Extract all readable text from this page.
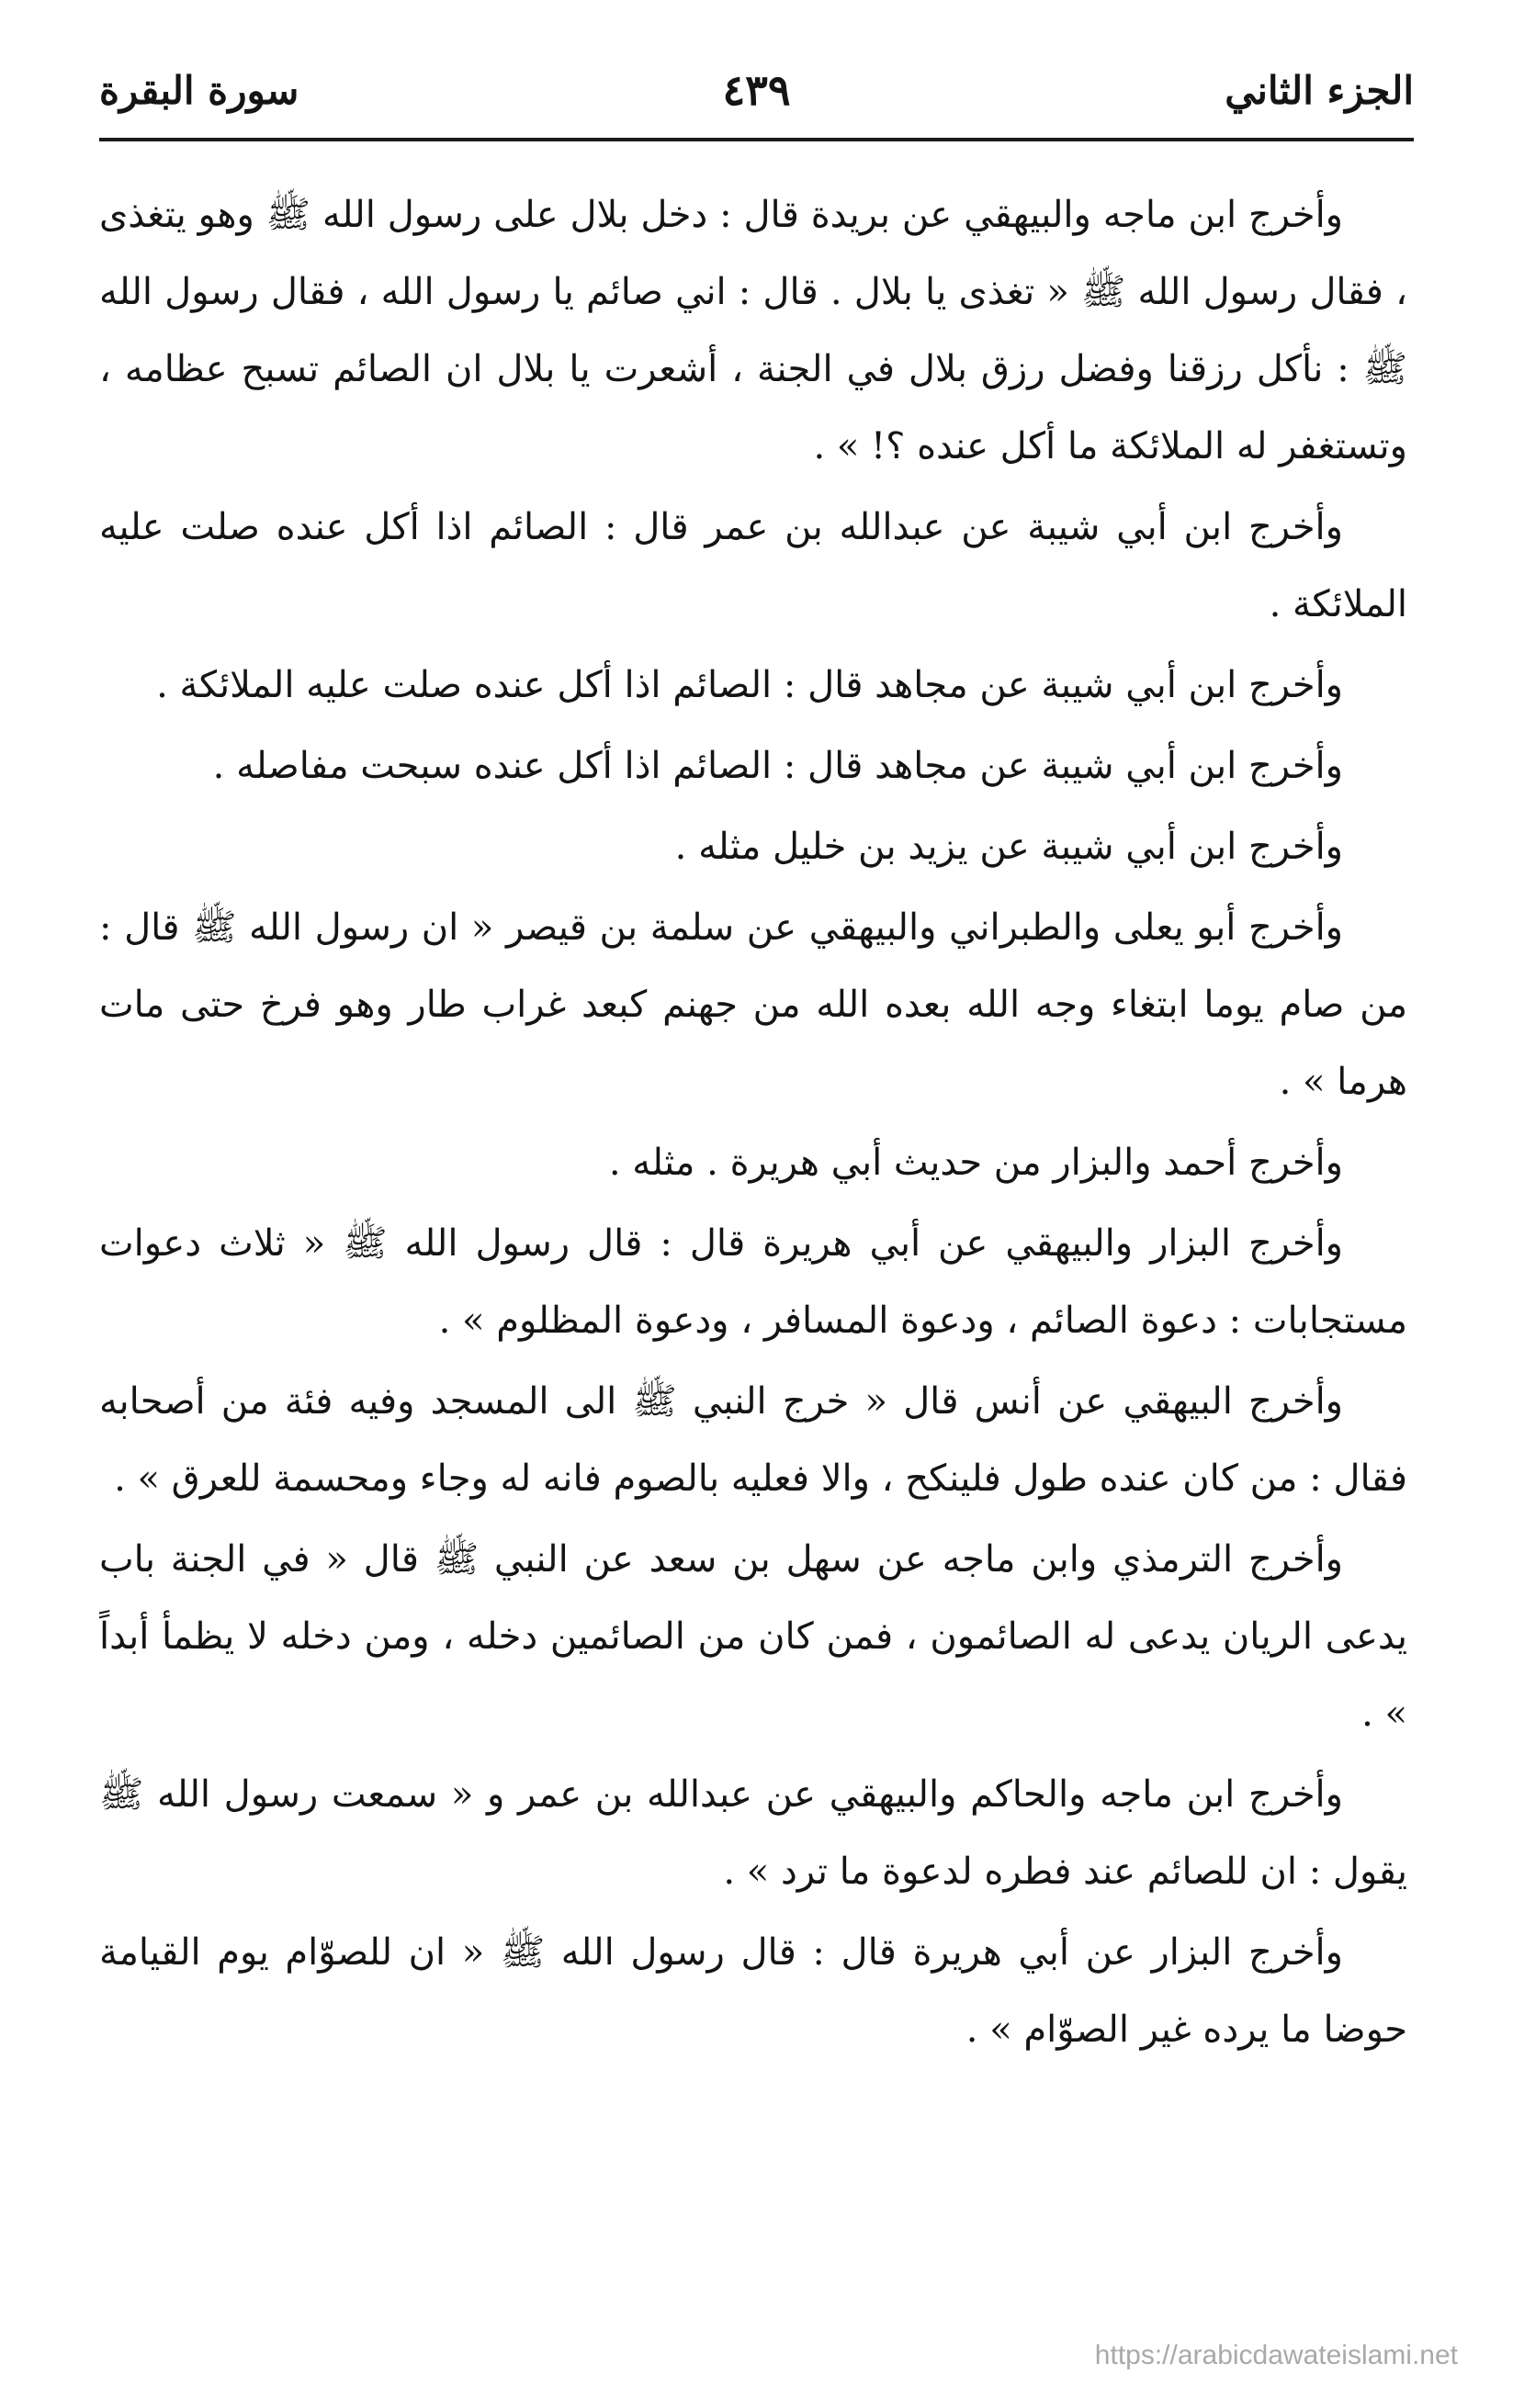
الجزء الثاني
٤٣٩
سورة البقرة

وأخرج ابن ماجه والبيهقي عن بريدة قال : دخل بلال على رسول الله ﷺ وهو يتغذى ، فقال رسول الله ﷺ « تغذى يا بلال . قال : اني صائم يا رسول الله ، فقال رسول الله ﷺ : نأكل رزقنا وفضل رزق بلال في الجنة ، أشعرت يا بلال ان الصائم تسبح عظامه ، وتستغفر له الملائكة ما أكل عنده ؟! » .

وأخرج ابن أبي شيبة عن عبدالله بن عمر قال : الصائم اذا أكل عنده صلت عليه الملائكة .

وأخرج ابن أبي شيبة عن مجاهد قال : الصائم اذا أكل عنده صلت عليه الملائكة .

وأخرج ابن أبي شيبة عن مجاهد قال : الصائم اذا أكل عنده سبحت مفاصله .

وأخرج ابن أبي شيبة عن يزيد بن خليل مثله .

وأخرج أبو يعلى والطبراني والبيهقي عن سلمة بن قيصر « ان رسول الله ﷺ قال : من صام يوما ابتغاء وجه الله بعده الله من جهنم كبعد غراب طار وهو فرخ حتى مات هرما » .

وأخرج أحمد والبزار من حديث أبي هريرة . مثله .

وأخرج البزار والبيهقي عن أبي هريرة قال : قال رسول الله ﷺ « ثلاث دعوات مستجابات : دعوة الصائم ، ودعوة المسافر ، ودعوة المظلوم » .

وأخرج البيهقي عن أنس قال « خرج النبي ﷺ الى المسجد وفيه فئة من أصحابه فقال : من كان عنده طول فلينكح ، والا فعليه بالصوم فانه له وجاء ومحسمة للعرق » .

وأخرج الترمذي وابن ماجه عن سهل بن سعد عن النبي ﷺ قال « في الجنة باب يدعى الريان يدعى له الصائمون ، فمن كان من الصائمين دخله ، ومن دخله لا يظمأ أبداً » .

وأخرج ابن ماجه والحاكم والبيهقي عن عبدالله بن عمر و « سمعت رسول الله ﷺ يقول : ان للصائم عند فطره لدعوة ما ترد » .

وأخرج البزار عن أبي هريرة قال : قال رسول الله ﷺ « ان للصوّام يوم القيامة حوضا ما يرده غير الصوّام » .

https://arabicdawateislami.net
